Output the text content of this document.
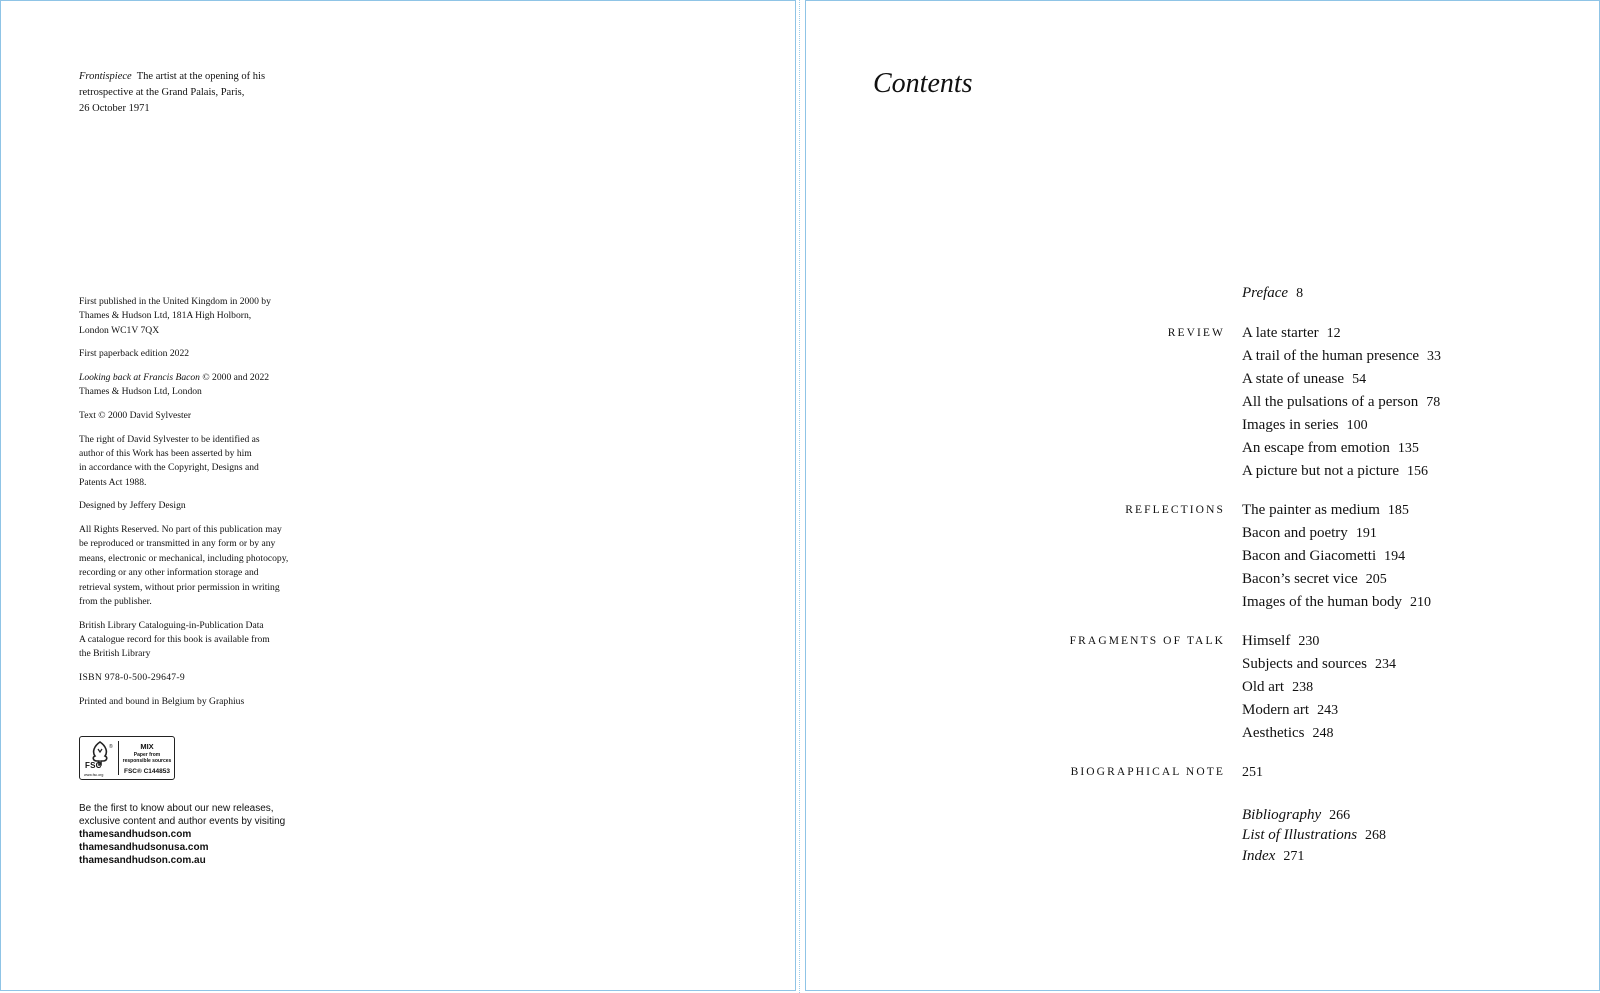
Frontispiece The artist at the opening of his
retrospective at the Grand Palais, Paris,
26 October 1971

First published in the United Kingdom in 2000 by
Thames & Hudson Ltd, 181A High Holborn,
London WC1V 7QX

First paperback edition 2022

Looking back at Francis Bacon © 2000 and 2022
Thames & Hudson Ltd, London

Text © 2000 David Sylvester

The right of David Sylvester to be identified as
author of this Work has been asserted by him
in accordance with the Copyright, Designs and
Patents Act 1988.

Designed by Jeffery Design

All Rights Reserved. No part of this publication may
be reproduced or transmitted in any form or by any
means, electronic or mechanical, including photocopy,
recording or any other information storage and
retrieval system, without prior permission in writing
from the publisher.

British Library Cataloguing-in-Publication Data
A catalogue record for this book is available from
the British Library

ISBN 978-0-500-29647-9

Printed and bound in Belgium by Graphius

®
FSC
www.fsc.org
MIX
Paper from
responsible sources
FSC® C144853
Be the first to know about our new releases,
exclusive content and author events by visiting
thamesandhudson.com
thamesandhudsonusa.com
thamesandhudson.com.au
Contents
Preface 8
REVIEW A late starter 12
A trail of the human presence 33
A state of unease 54
All the pulsations of a person 78
Images in series 100
An escape from emotion 135
A picture but not a picture 156
REFLECTIONS The painter as medium 185
Bacon and poetry 191
Bacon and Giacometti 194
Bacon’s secret vice 205
Images of the human body 210
FRAGMENTS OF TALK Himself 230
Subjects and sources 234
Old art 238
Modern art 243
Aesthetics 248
BIOGRAPHICAL NOTE 251
Bibliography 266
List of Illustrations 268
Index 271
